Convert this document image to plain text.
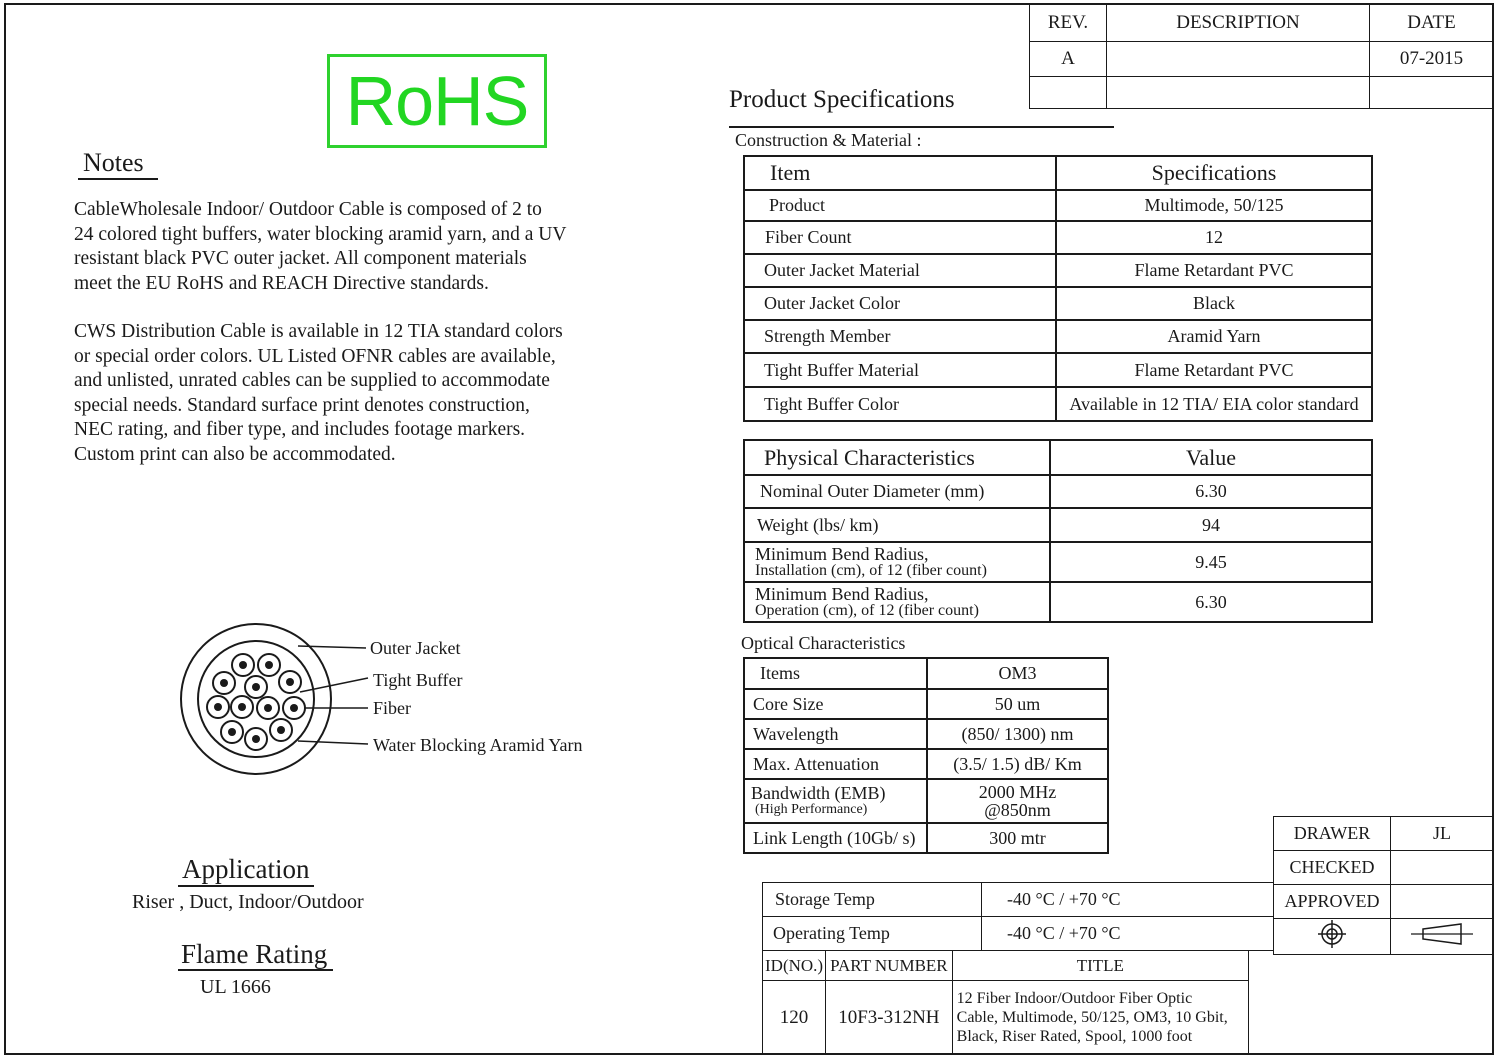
REV.	DESCRIPTION	DATE
A		07-2015

RoHS
Notes
CableWholesale Indoor/ Outdoor Cable is composed of 2 to
24 colored tight buffers, water blocking aramid yarn, and a UV
resistant black PVC outer jacket. All component materials
meet the EU RoHS and REACH Directive standards.
CWS Distribution Cable is available in 12 TIA standard colors
or special order colors. UL Listed OFNR cables are available,
and unlisted, unrated cables can be supplied to accommodate
special needs. Standard surface print denotes construction,
NEC rating, and fiber type, and includes footage markers.
Custom print can also be accommodated.
Product Specifications
Construction & Material :
Item	Specifications
Product	Multimode, 50/125
Fiber Count	12
Outer Jacket Material	Flame Retardant PVC
Outer Jacket Color	Black
Strength Member	Aramid Yarn
Tight Buffer Material	Flame Retardant PVC
Tight Buffer Color	Available in 12 TIA/ EIA color standard
Physical Characteristics	Value
Nominal Outer Diameter (mm)	6.30
Weight (lbs/ km)	94

Minimum Bend Radius,
Installation (cm), of 12 (fiber count)	9.45

Minimum Bend Radius,
Operation (cm), of 12 (fiber count)	6.30
Optical Characteristics
Items	OM3
Core Size	50 um
Wavelength	(850/ 1300) nm
Max. Attenuation	(3.5/ 1.5) dB/ Km

Bandwidth (EMB)
(High Performance)	2000 MHz
@850nm

Link Length (10Gb/ s)	300 mtr
Outer Jacket
Tight Buffer
Fiber
Water Blocking Aramid Yarn
Application
Riser , Duct, Indoor/Outdoor
Flame Rating
UL 1666
DRAWER	JL
CHECKED	
APPROVED	

Storage Temp	-40 °C / +70 °C
Operating Temp	-40 °C / +70 °C
ID(NO.)	PART NUMBER	TITLE
120	10F3-312NH	12 Fiber Indoor/Outdoor Fiber Optic
Cable, Multimode, 50/125, OM3, 10 Gbit,
Black, Riser Rated, Spool, 1000 foot
